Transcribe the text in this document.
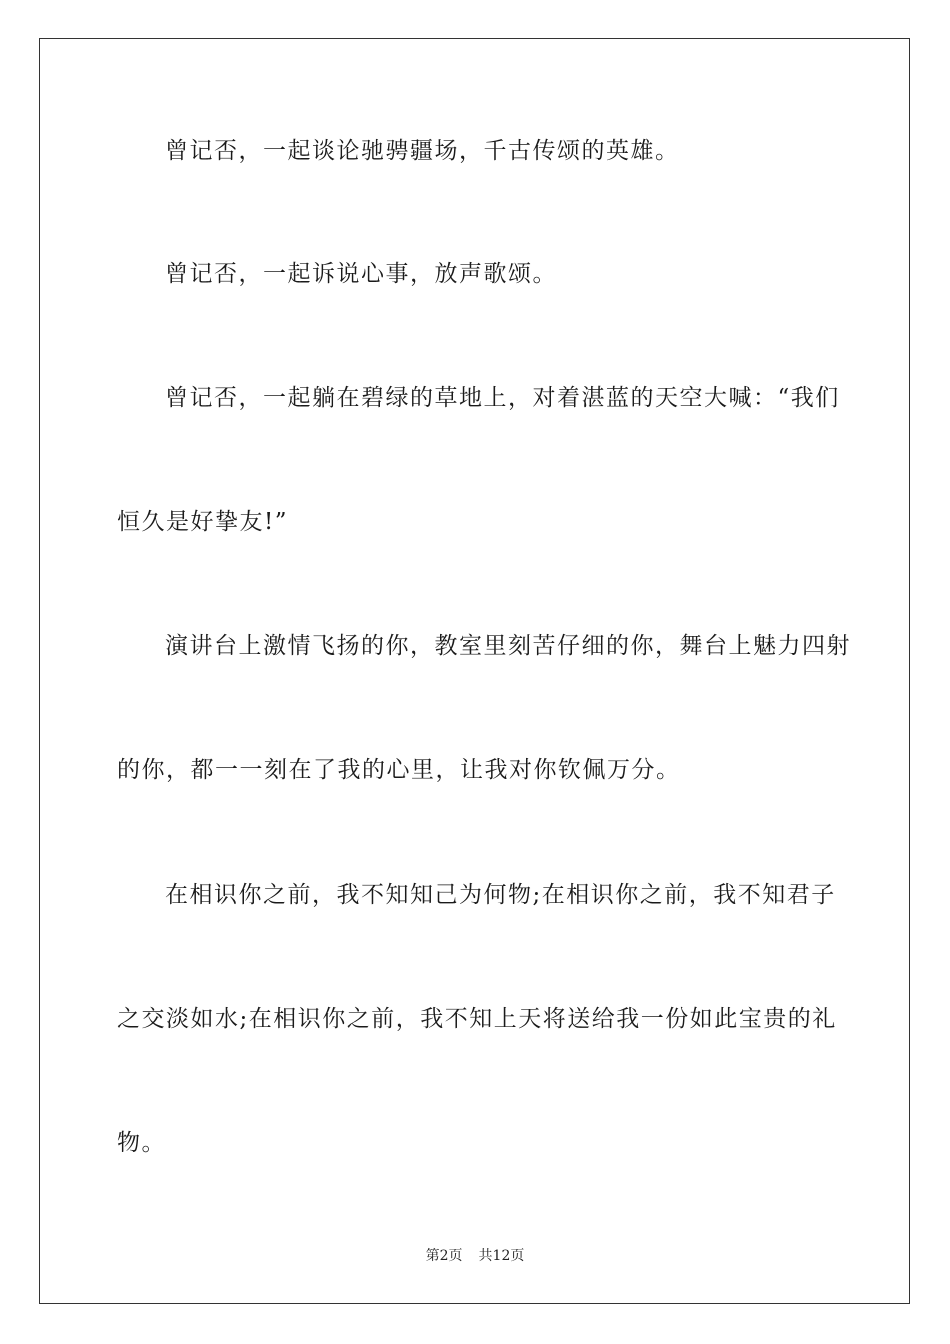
曾记否，一起谈论驰骋疆场，千古传颂的英雄。
曾记否，一起诉说心事，放声歌颂。
曾记否，一起躺在碧绿的草地上，对着湛蓝的天空大喊：“我们
恒久是好挚友!”
演讲台上激情飞扬的你，教室里刻苦仔细的你，舞台上魅力四射
的你，都一一刻在了我的心里，让我对你钦佩万分。
在相识你之前，我不知知己为何物;在相识你之前，我不知君子
之交淡如水;在相识你之前，我不知上天将送给我一份如此宝贵的礼
物。
第2页 共12页
